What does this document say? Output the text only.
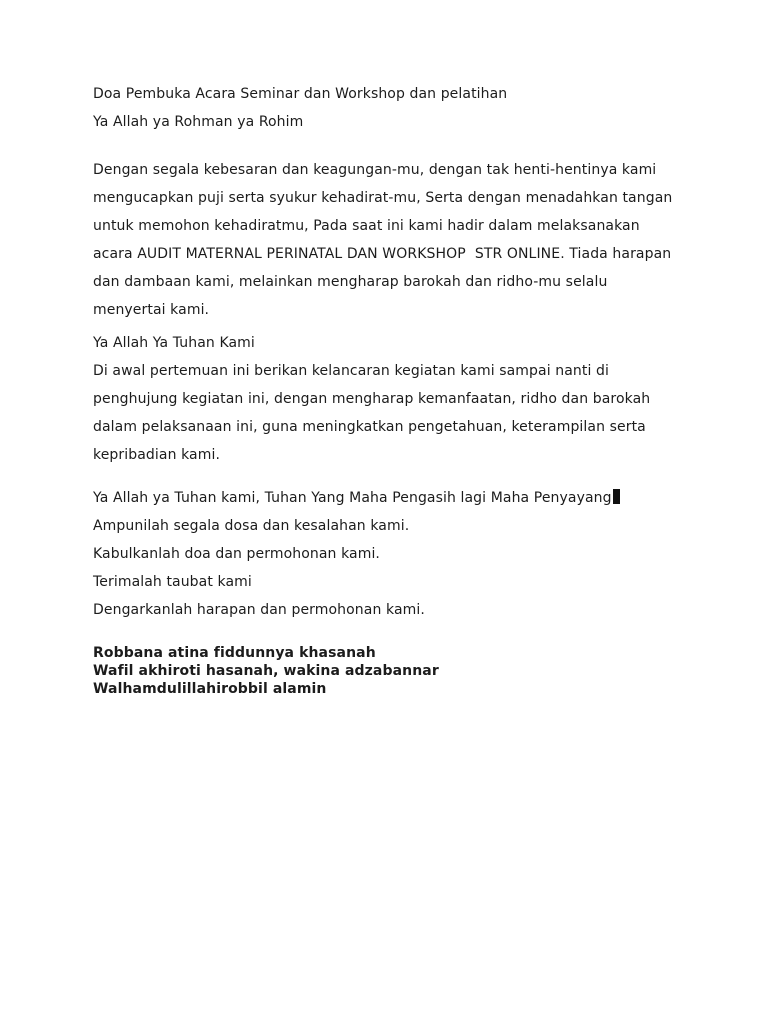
Doa Pembuka Acara Seminar dan Workshop dan pelatihan
Ya Allah ya Rohman ya Rohim
Dengan segala kebesaran dan keagungan-mu, dengan tak henti-hentinya kami
mengucapkan puji serta syukur kehadirat-mu, Serta dengan menadahkan tangan
untuk memohon kehadiratmu, Pada saat ini kami hadir dalam melaksanakan
acara AUDIT MATERNAL PERINATAL DAN WORKSHOP  STR ONLINE. Tiada harapan
dan dambaan kami, melainkan mengharap barokah dan ridho-mu selalu
menyertai kami.
Ya Allah Ya Tuhan Kami
Di awal pertemuan ini berikan kelancaran kegiatan kami sampai nanti di
penghujung kegiatan ini, dengan mengharap kemanfaatan, ridho dan barokah
dalam pelaksanaan ini, guna meningkatkan pengetahuan, keterampilan serta
kepribadian kami.
Ya Allah ya Tuhan kami, Tuhan Yang Maha Pengasih lagi Maha Penyayang
Ampunilah segala dosa dan kesalahan kami.
Kabulkanlah doa dan permohonan kami.
Terimalah taubat kami
Dengarkanlah harapan dan permohonan kami.
Robbana atina fiddunnya khasanah
Wafil akhiroti hasanah, wakina adzabannar
Walhamdulillahirobbil alamin
